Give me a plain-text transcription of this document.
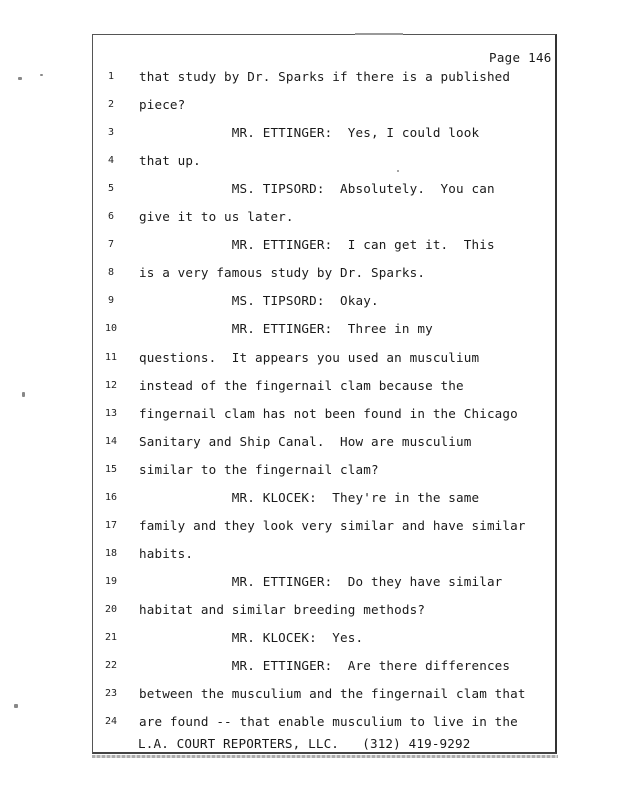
Page 146
1	that study by Dr. Sparks if there is a published
2	piece?
3	MR. ETTINGER:  Yes, I could look
4	that up.
5	MS. TIPSORD:  Absolutely.  You can
6	give it to us later.
7	MR. ETTINGER:  I can get it.  This
8	is a very famous study by Dr. Sparks.
9	MS. TIPSORD:  Okay.
10	MR. ETTINGER:  Three in my
11	questions.  It appears you used an musculium
12	instead of the fingernail clam because the
13	fingernail clam has not been found in the Chicago
14	Sanitary and Ship Canal.  How are musculium
15	similar to the fingernail clam?
16	MR. KLOCEK:  They're in the same
17	family and they look very similar and have similar
18	habits.
19	MR. ETTINGER:  Do they have similar
20	habitat and similar breeding methods?
21	MR. KLOCEK:  Yes.
22	MR. ETTINGER:  Are there differences
23	between the musculium and the fingernail clam that
24	are found -- that enable musculium to live in the
L.A. COURT REPORTERS, LLC.   (312) 419-9292
